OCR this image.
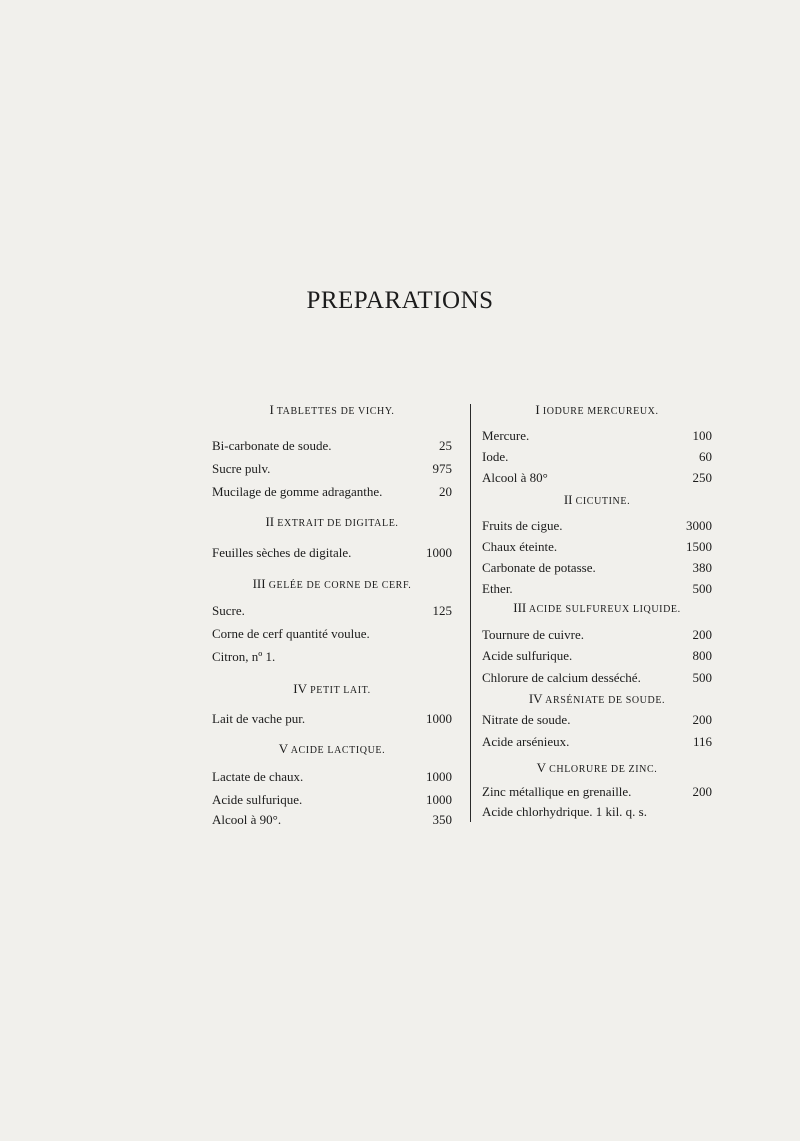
PREPARATIONS
I TABLETTES DE VICHY.
Bi-carbonate de soude.	25
Sucre pulv.	975
Mucilage de gomme adraganthe.	20
II EXTRAIT DE DIGITALE.
Feuilles sèches de digitale.	1000
III GELÉE DE CORNE DE CERF.
Sucre.	125
Corne de cerf quantité voulue.
Citron, nº 1.
IV PETIT LAIT.
Lait de vache pur.	1000
V ACIDE LACTIQUE.
Lactate de chaux.	1000
Acide sulfurique.	1000
Alcool à 90°.	350
I IODURE MERCUREUX.
Mercure.	100
Iode.	60
Alcool à 80°	250
II CICUTINE.
Fruits de cigue.	3000
Chaux éteinte.	1500
Carbonate de potasse.	380
Ether.	500
III ACIDE SULFUREUX LIQUIDE.
Tournure de cuivre.	200
Acide sulfurique.	800
Chlorure de calcium desséché.	500
IV ARSÉNIATE DE SOUDE.
Nitrate de soude.	200
Acide arsénieux.	116
V CHLORURE DE ZINC.
Zinc métallique en grenaille.	200
Acide chlorhydrique. 1 kil. q. s.
